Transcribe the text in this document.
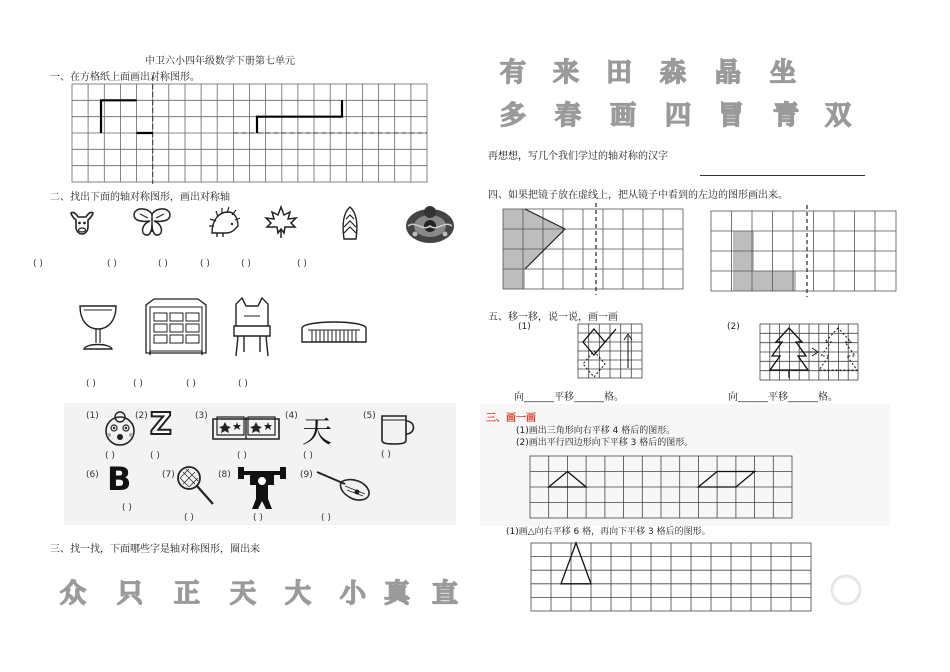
中卫六小四年级数学下册第七单元
一、在方格纸上面画出对称图形。
二、找出下面的轴对称图形，画出对称轴
( )	( )	( )	( )	( )	( )
( )	( )	( )	( )
(1)	(2) Z	(3)	(4) 天	(5)
( )	( )	( )	( )	( )
(6) B	(7)	(8)	(9)
( )
( )	( )	( )
三、找一找，下面哪些字是轴对称图形，圈出来
众 只 正 天 大 小 真 直
有 来 田 森 晶 坐
多 春 画 四 冒 青 双
再想想，写几个我们学过的轴对称的汉字
四、如果把镜子放在虚线上，把从镜子中看到的左边的图形画出来。
五、移一移，说一说，画一画
(1)	(2)
向______平移______格。	向______平移______格。
三、画一画
(1)画出三角形向右平移 4 格后的图形。
(2)画出平行四边形向下平移 3 格后的图形。
(1)画△向右平移 6 格，再向下平移 3 格后的图形。
